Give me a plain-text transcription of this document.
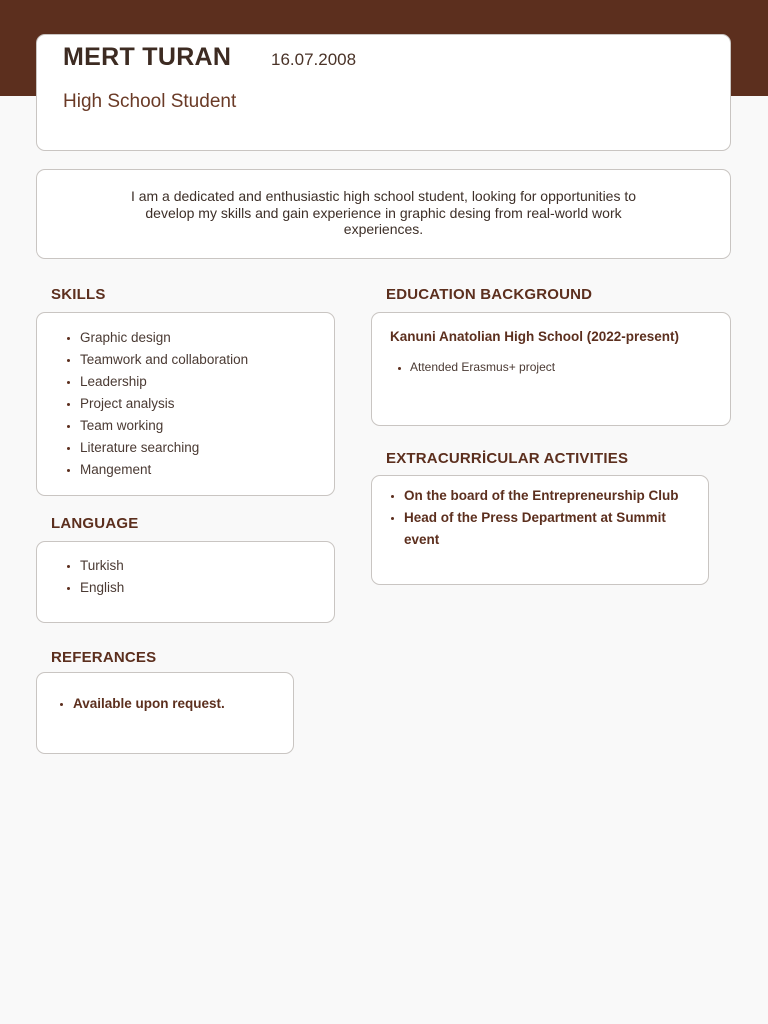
MERT TURAN 16.07.2008
High School Student
I am a dedicated and enthusiastic high school student, looking for opportunities to develop my skills and gain experience in graphic desing from real-world work experiences.
SKILLS
• Graphic design
• Teamwork and collaboration
• Leadership
• Project analysis
• Team working
• Literature searching
• Mangement
LANGUAGE
• Turkish
• English
REFERANCES
• Available upon request.
EDUCATION BACKGROUND
Kanuni Anatolian High School (2022-present)
• Attended Erasmus+ project
EXTRACURRİCULAR ACTIVITIES
• On the board of the Entrepreneurship Club
• Head of the Press Department at Summit event
